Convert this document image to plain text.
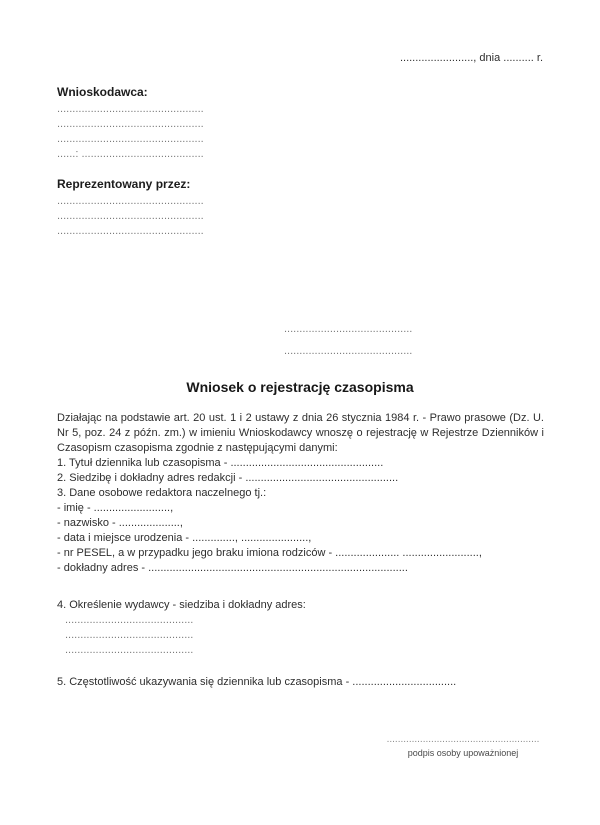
........................, dnia .......... r.
Wnioskodawca:
................................................
................................................
................................................
......: ........................................
Reprezentowany przez:
................................................
................................................
................................................
..........................................
..........................................
Wniosek o rejestrację czasopisma

Działając na podstawie art. 20 ust. 1 i 2 ustawy z dnia 26 stycznia 1984 r. - Prawo prasowe (Dz. U. Nr 5, poz. 24 z późn. zm.) w imieniu Wnioskodawcy wnoszę o rejestrację w Rejestrze Dzienników i Czasopism czasopisma zgodnie z następującymi danymi:

1. Tytuł dziennika lub czasopisma - ..................................................
2. Siedzibę i dokładny adres redakcji - ..................................................
3. Dane osobowe redaktora naczelnego tj.:
- imię - .........................,
- nazwisko - ....................,
- data i miejsce urodzenia - .............., ......................,
- nr PESEL, a w przypadku jego braku imiona rodziców - ..................... .........................,
- dokładny adres - .....................................................................................
4. Określenie wydawcy - siedziba i dokładny adres:
..........................................
..........................................
..........................................
5. Częstotliwość ukazywania się dziennika lub czasopisma - ..................................
.......................................................
podpis osoby upoważnionej
